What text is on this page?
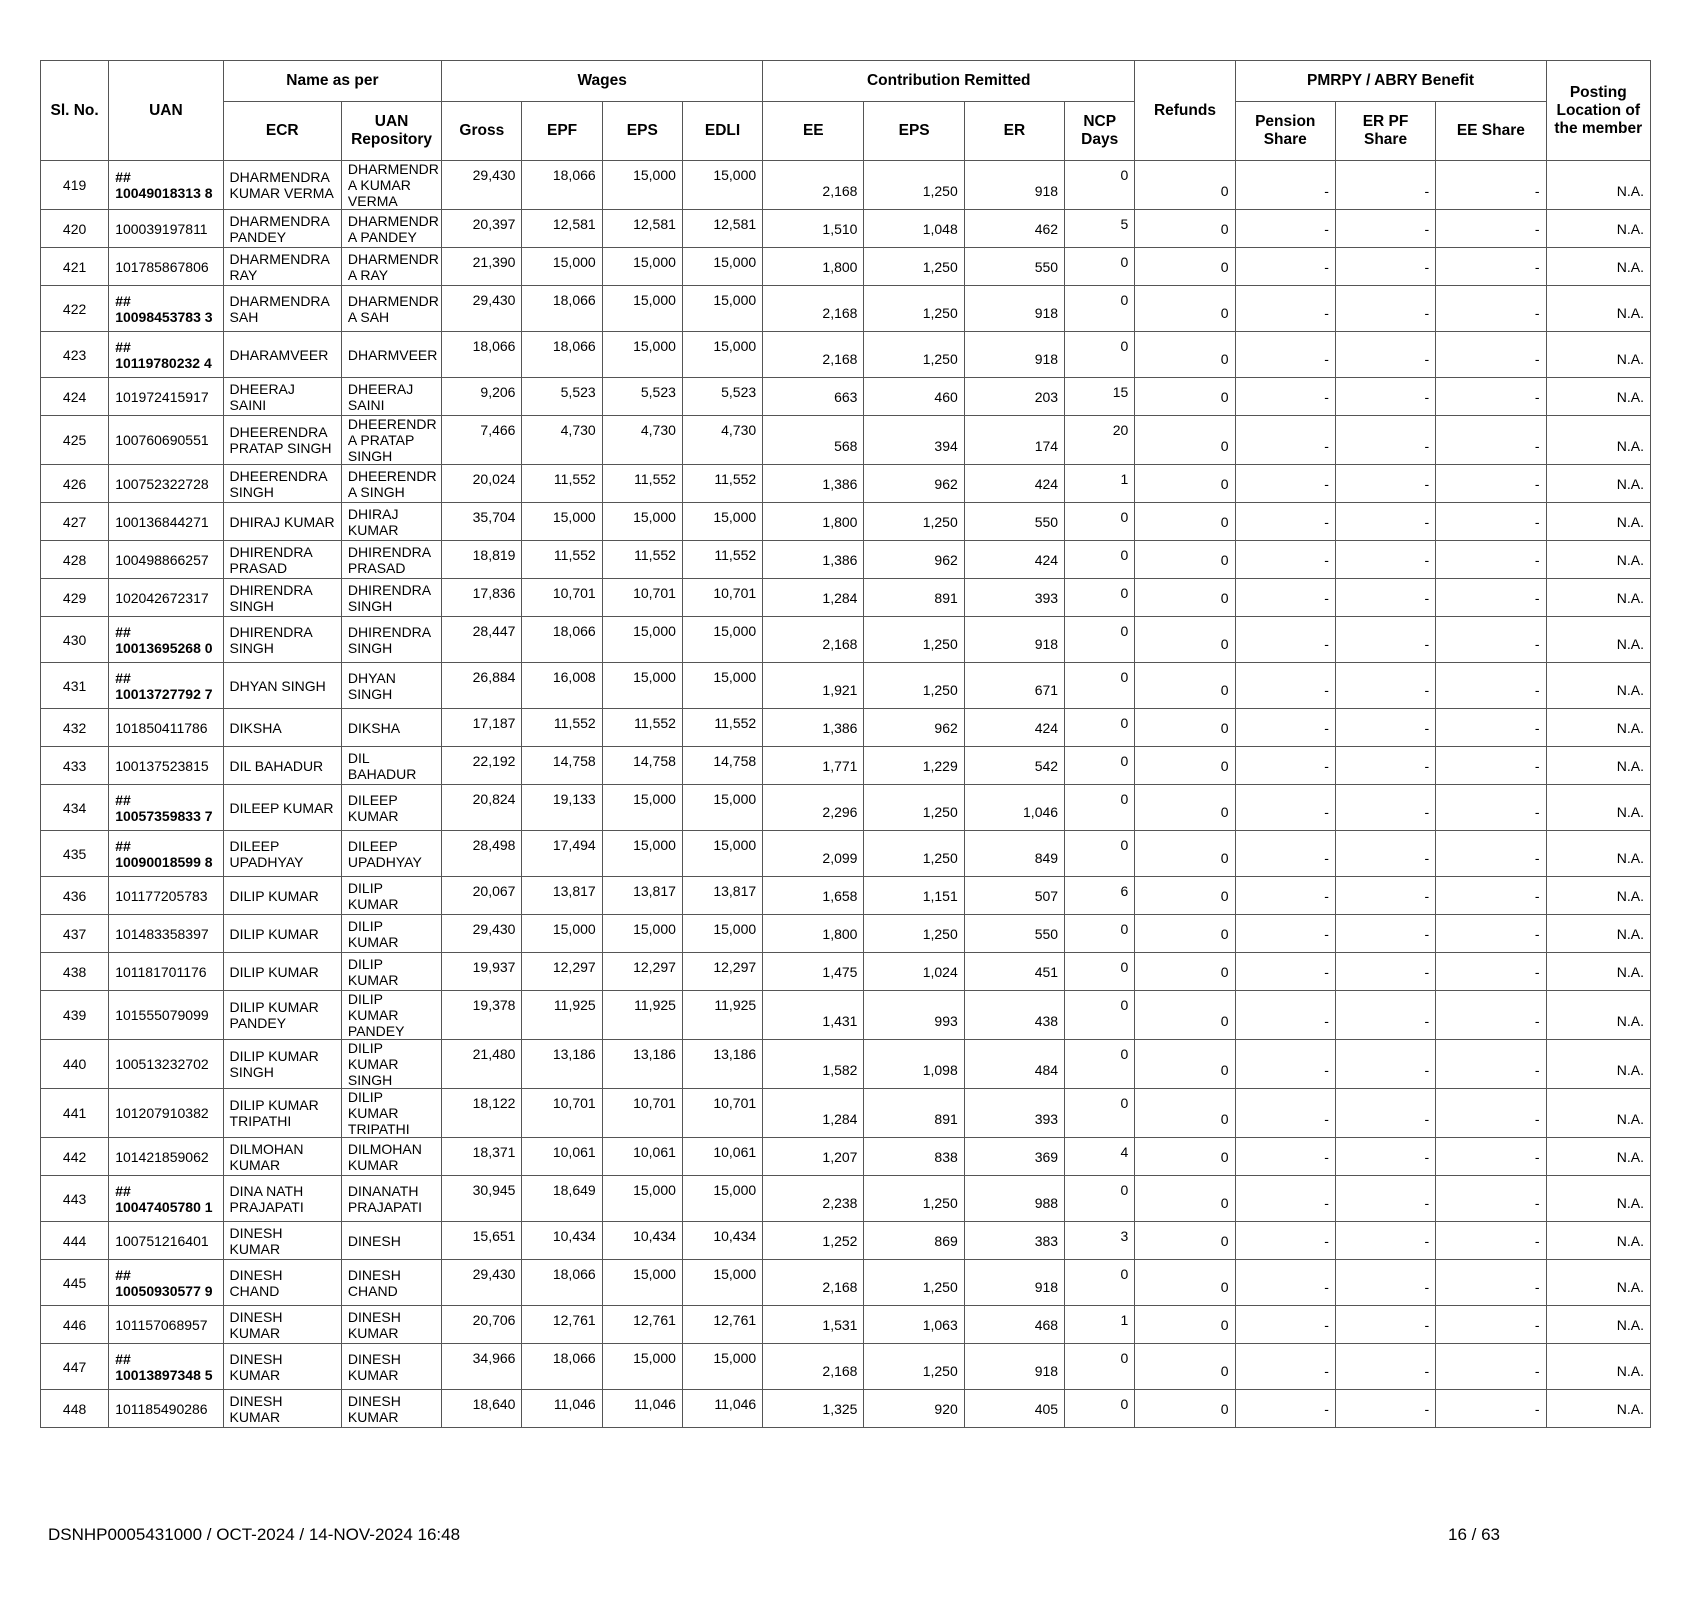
Sl. No.	UAN	Name as per		Wages				Contribution Remitted				Refunds	PMRPY / ABRY Benefit			Posting Location of the member
		ECR	UAN Repository	Gross	EPF	EPS	EDLI	EE	EPS	ER	NCP Days		Pension Share	ER PF Share	EE Share	
419	## 10049018313 8	DHARMENDRA KUMAR VERMA	DHARMENDR A KUMAR VERMA	29,430	18,066	15,000	15,000	2,168	1,250	918	0	0	-	-	-	N.A.
420	100039197811	DHARMENDRA PANDEY	DHARMENDR A PANDEY	20,397	12,581	12,581	12,581	1,510	1,048	462	5	0	-	-	-	N.A.
421	101785867806	DHARMENDRA RAY	DHARMENDR A RAY	21,390	15,000	15,000	15,000	1,800	1,250	550	0	0	-	-	-	N.A.
422	## 10098453783 3	DHARMENDRA SAH	DHARMENDR A SAH	29,430	18,066	15,000	15,000	2,168	1,250	918	0	0	-	-	-	N.A.
423	## 10119780232 4	DHARAMVEER	DHARMVEER	18,066	18,066	15,000	15,000	2,168	1,250	918	0	0	-	-	-	N.A.
424	101972415917	DHEERAJ SAINI	DHEERAJ SAINI	9,206	5,523	5,523	5,523	663	460	203	15	0	-	-	-	N.A.
425	100760690551	DHEERENDRA PRATAP SINGH	DHEERENDR A PRATAP SINGH	7,466	4,730	4,730	4,730	568	394	174	20	0	-	-	-	N.A.
426	100752322728	DHEERENDRA SINGH	DHEERENDR A SINGH	20,024	11,552	11,552	11,552	1,386	962	424	1	0	-	-	-	N.A.
427	100136844271	DHIRAJ KUMAR	DHIRAJ KUMAR	35,704	15,000	15,000	15,000	1,800	1,250	550	0	0	-	-	-	N.A.
428	100498866257	DHIRENDRA PRASAD	DHIRENDRA PRASAD	18,819	11,552	11,552	11,552	1,386	962	424	0	0	-	-	-	N.A.
429	102042672317	DHIRENDRA SINGH	DHIRENDRA SINGH	17,836	10,701	10,701	10,701	1,284	891	393	0	0	-	-	-	N.A.
430	## 10013695268 0	DHIRENDRA SINGH	DHIRENDRA SINGH	28,447	18,066	15,000	15,000	2,168	1,250	918	0	0	-	-	-	N.A.
431	## 10013727792 7	DHYAN SINGH	DHYAN SINGH	26,884	16,008	15,000	15,000	1,921	1,250	671	0	0	-	-	-	N.A.
432	101850411786	DIKSHA	DIKSHA	17,187	11,552	11,552	11,552	1,386	962	424	0	0	-	-	-	N.A.
433	100137523815	DIL BAHADUR	DIL BAHADUR	22,192	14,758	14,758	14,758	1,771	1,229	542	0	0	-	-	-	N.A.
434	## 10057359833 7	DILEEP KUMAR	DILEEP KUMAR	20,824	19,133	15,000	15,000	2,296	1,250	1,046	0	0	-	-	-	N.A.
435	## 10090018599 8	DILEEP UPADHYAY	DILEEP UPADHYAY	28,498	17,494	15,000	15,000	2,099	1,250	849	0	0	-	-	-	N.A.
436	101177205783	DILIP KUMAR	DILIP KUMAR	20,067	13,817	13,817	13,817	1,658	1,151	507	6	0	-	-	-	N.A.
437	101483358397	DILIP KUMAR	DILIP KUMAR	29,430	15,000	15,000	15,000	1,800	1,250	550	0	0	-	-	-	N.A.
438	101181701176	DILIP KUMAR	DILIP KUMAR	19,937	12,297	12,297	12,297	1,475	1,024	451	0	0	-	-	-	N.A.
439	101555079099	DILIP KUMAR PANDEY	DILIP KUMAR PANDEY	19,378	11,925	11,925	11,925	1,431	993	438	0	0	-	-	-	N.A.
440	100513232702	DILIP KUMAR SINGH	DILIP KUMAR SINGH	21,480	13,186	13,186	13,186	1,582	1,098	484	0	0	-	-	-	N.A.
441	101207910382	DILIP KUMAR TRIPATHI	DILIP KUMAR TRIPATHI	18,122	10,701	10,701	10,701	1,284	891	393	0	0	-	-	-	N.A.
442	101421859062	DILMOHAN KUMAR	DILMOHAN KUMAR	18,371	10,061	10,061	10,061	1,207	838	369	4	0	-	-	-	N.A.
443	## 10047405780 1	DINA NATH PRAJAPATI	DINANATH PRAJAPATI	30,945	18,649	15,000	15,000	2,238	1,250	988	0	0	-	-	-	N.A.
444	100751216401	DINESH KUMAR	DINESH	15,651	10,434	10,434	10,434	1,252	869	383	3	0	-	-	-	N.A.
445	## 10050930577 9	DINESH CHAND	DINESH CHAND	29,430	18,066	15,000	15,000	2,168	1,250	918	0	0	-	-	-	N.A.
446	101157068957	DINESH KUMAR	DINESH KUMAR	20,706	12,761	12,761	12,761	1,531	1,063	468	1	0	-	-	-	N.A.
447	## 10013897348 5	DINESH KUMAR	DINESH KUMAR	34,966	18,066	15,000	15,000	2,168	1,250	918	0	0	-	-	-	N.A.
448	101185490286	DINESH KUMAR	DINESH KUMAR	18,640	11,046	11,046	11,046	1,325	920	405	0	0	-	-	-	N.A.
DSNHP0005431000 / OCT-2024 / 14-NOV-2024 16:48	16 / 63
